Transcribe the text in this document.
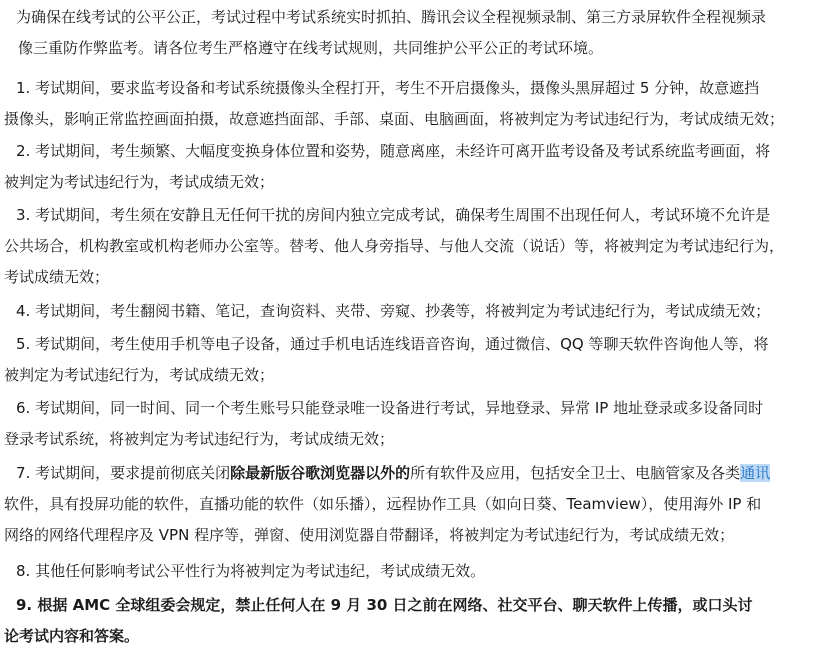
为确保在线考试的公平公正，考试过程中考试系统实时抓拍、腾讯会议全程视频录制、第三方录屏软件全程视频录
像三重防作弊监考。请各位考生严格遵守在线考试规则，共同维护公平公正的考试环境。
1. 考试期间，要求监考设备和考试系统摄像头全程打开，考生不开启摄像头，摄像头黑屏超过 5 分钟，故意遮挡
摄像头，影响正常监控画面拍摄，故意遮挡面部、手部、桌面、电脑画面，将被判定为考试违纪行为，考试成绩无效；
2. 考试期间，考生频繁、大幅度变换身体位置和姿势，随意离座，未经许可离开监考设备及考试系统监考画面，将
被判定为考试违纪行为，考试成绩无效；
3. 考试期间，考生须在安静且无任何干扰的房间内独立完成考试，确保考生周围不出现任何人，考试环境不允许是
公共场合，机构教室或机构老师办公室等。替考、他人身旁指导、与他人交流（说话）等，将被判定为考试违纪行为，
考试成绩无效；
4. 考试期间，考生翻阅书籍、笔记，查询资料、夹带、旁窥、抄袭等，将被判定为考试违纪行为，考试成绩无效；
5. 考试期间，考生使用手机等电子设备，通过手机电话连线语音咨询，通过微信、QQ 等聊天软件咨询他人等，将
被判定为考试违纪行为，考试成绩无效；
6. 考试期间，同一时间、同一个考生账号只能登录唯一设备进行考试，异地登录、异常 IP 地址登录或多设备同时
登录考试系统，将被判定为考试违纪行为，考试成绩无效；
7. 考试期间，要求提前彻底关闭除最新版谷歌浏览器以外的所有软件及应用，包括安全卫士、电脑管家及各类通讯
软件，具有投屏功能的软件，直播功能的软件（如乐播），远程协作工具（如向日葵、Teamview），使用海外 IP 和
网络的网络代理程序及 VPN 程序等，弹窗、使用浏览器自带翻译，将被判定为考试违纪行为，考试成绩无效；
8. 其他任何影响考试公平性行为将被判定为考试违纪，考试成绩无效。
9. 根据 AMC 全球组委会规定，禁止任何人在 9 月 30 日之前在网络、社交平台、聊天软件上传播，或口头讨
论考试内容和答案。
